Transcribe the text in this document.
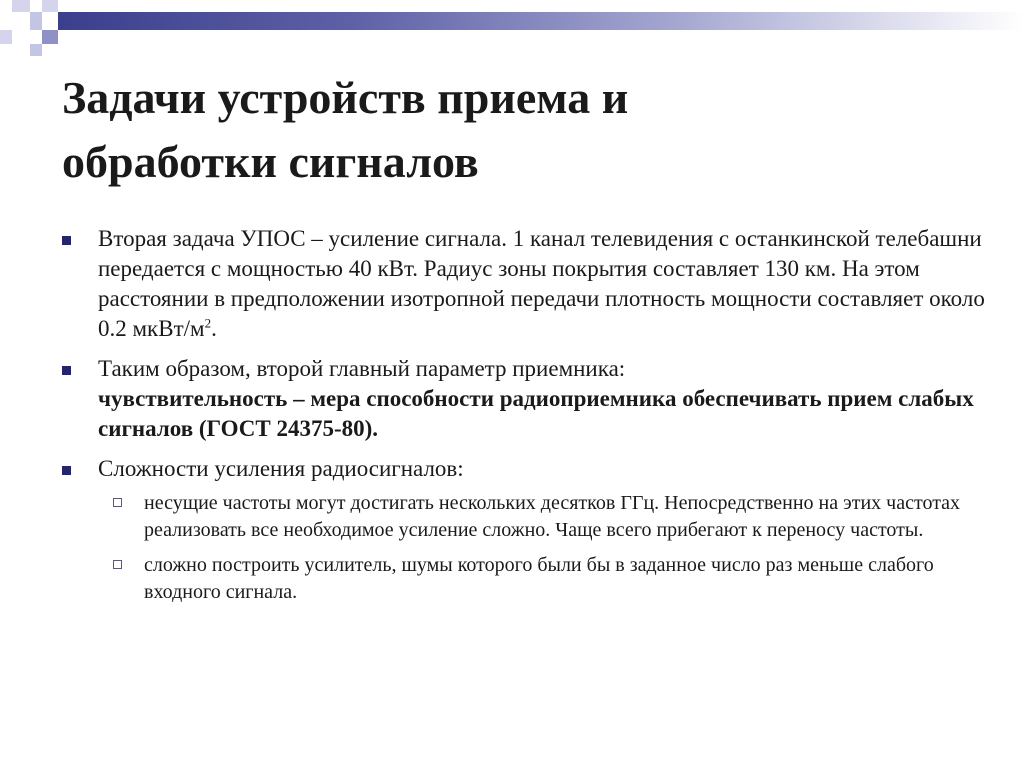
Задачи устройств приема и
обработки сигналов
Вторая задача УПОС – усиление сигнала. 1 канал телевидения с останкинской телебашни передается с мощностью 40 кВт. Радиус зоны покрытия составляет 130 км. На этом расстоянии в предположении изотропной передачи плотность мощности составляет около 0.2 мкВт/$м^2$.
Таким образом, второй главный параметр приемника:
чувствительность – мера способности радиоприемника обеспечивать прием слабых сигналов (ГОСТ 24375-80).
Сложности усиления радиосигналов:
несущие частоты могут достигать нескольких десятков ГГц. Непосредственно на этих частотах реализовать все необходимое усиление сложно. Чаще всего прибегают к переносу частоты.
сложно построить усилитель, шумы которого были бы в заданное число раз меньше слабого входного сигнала.
